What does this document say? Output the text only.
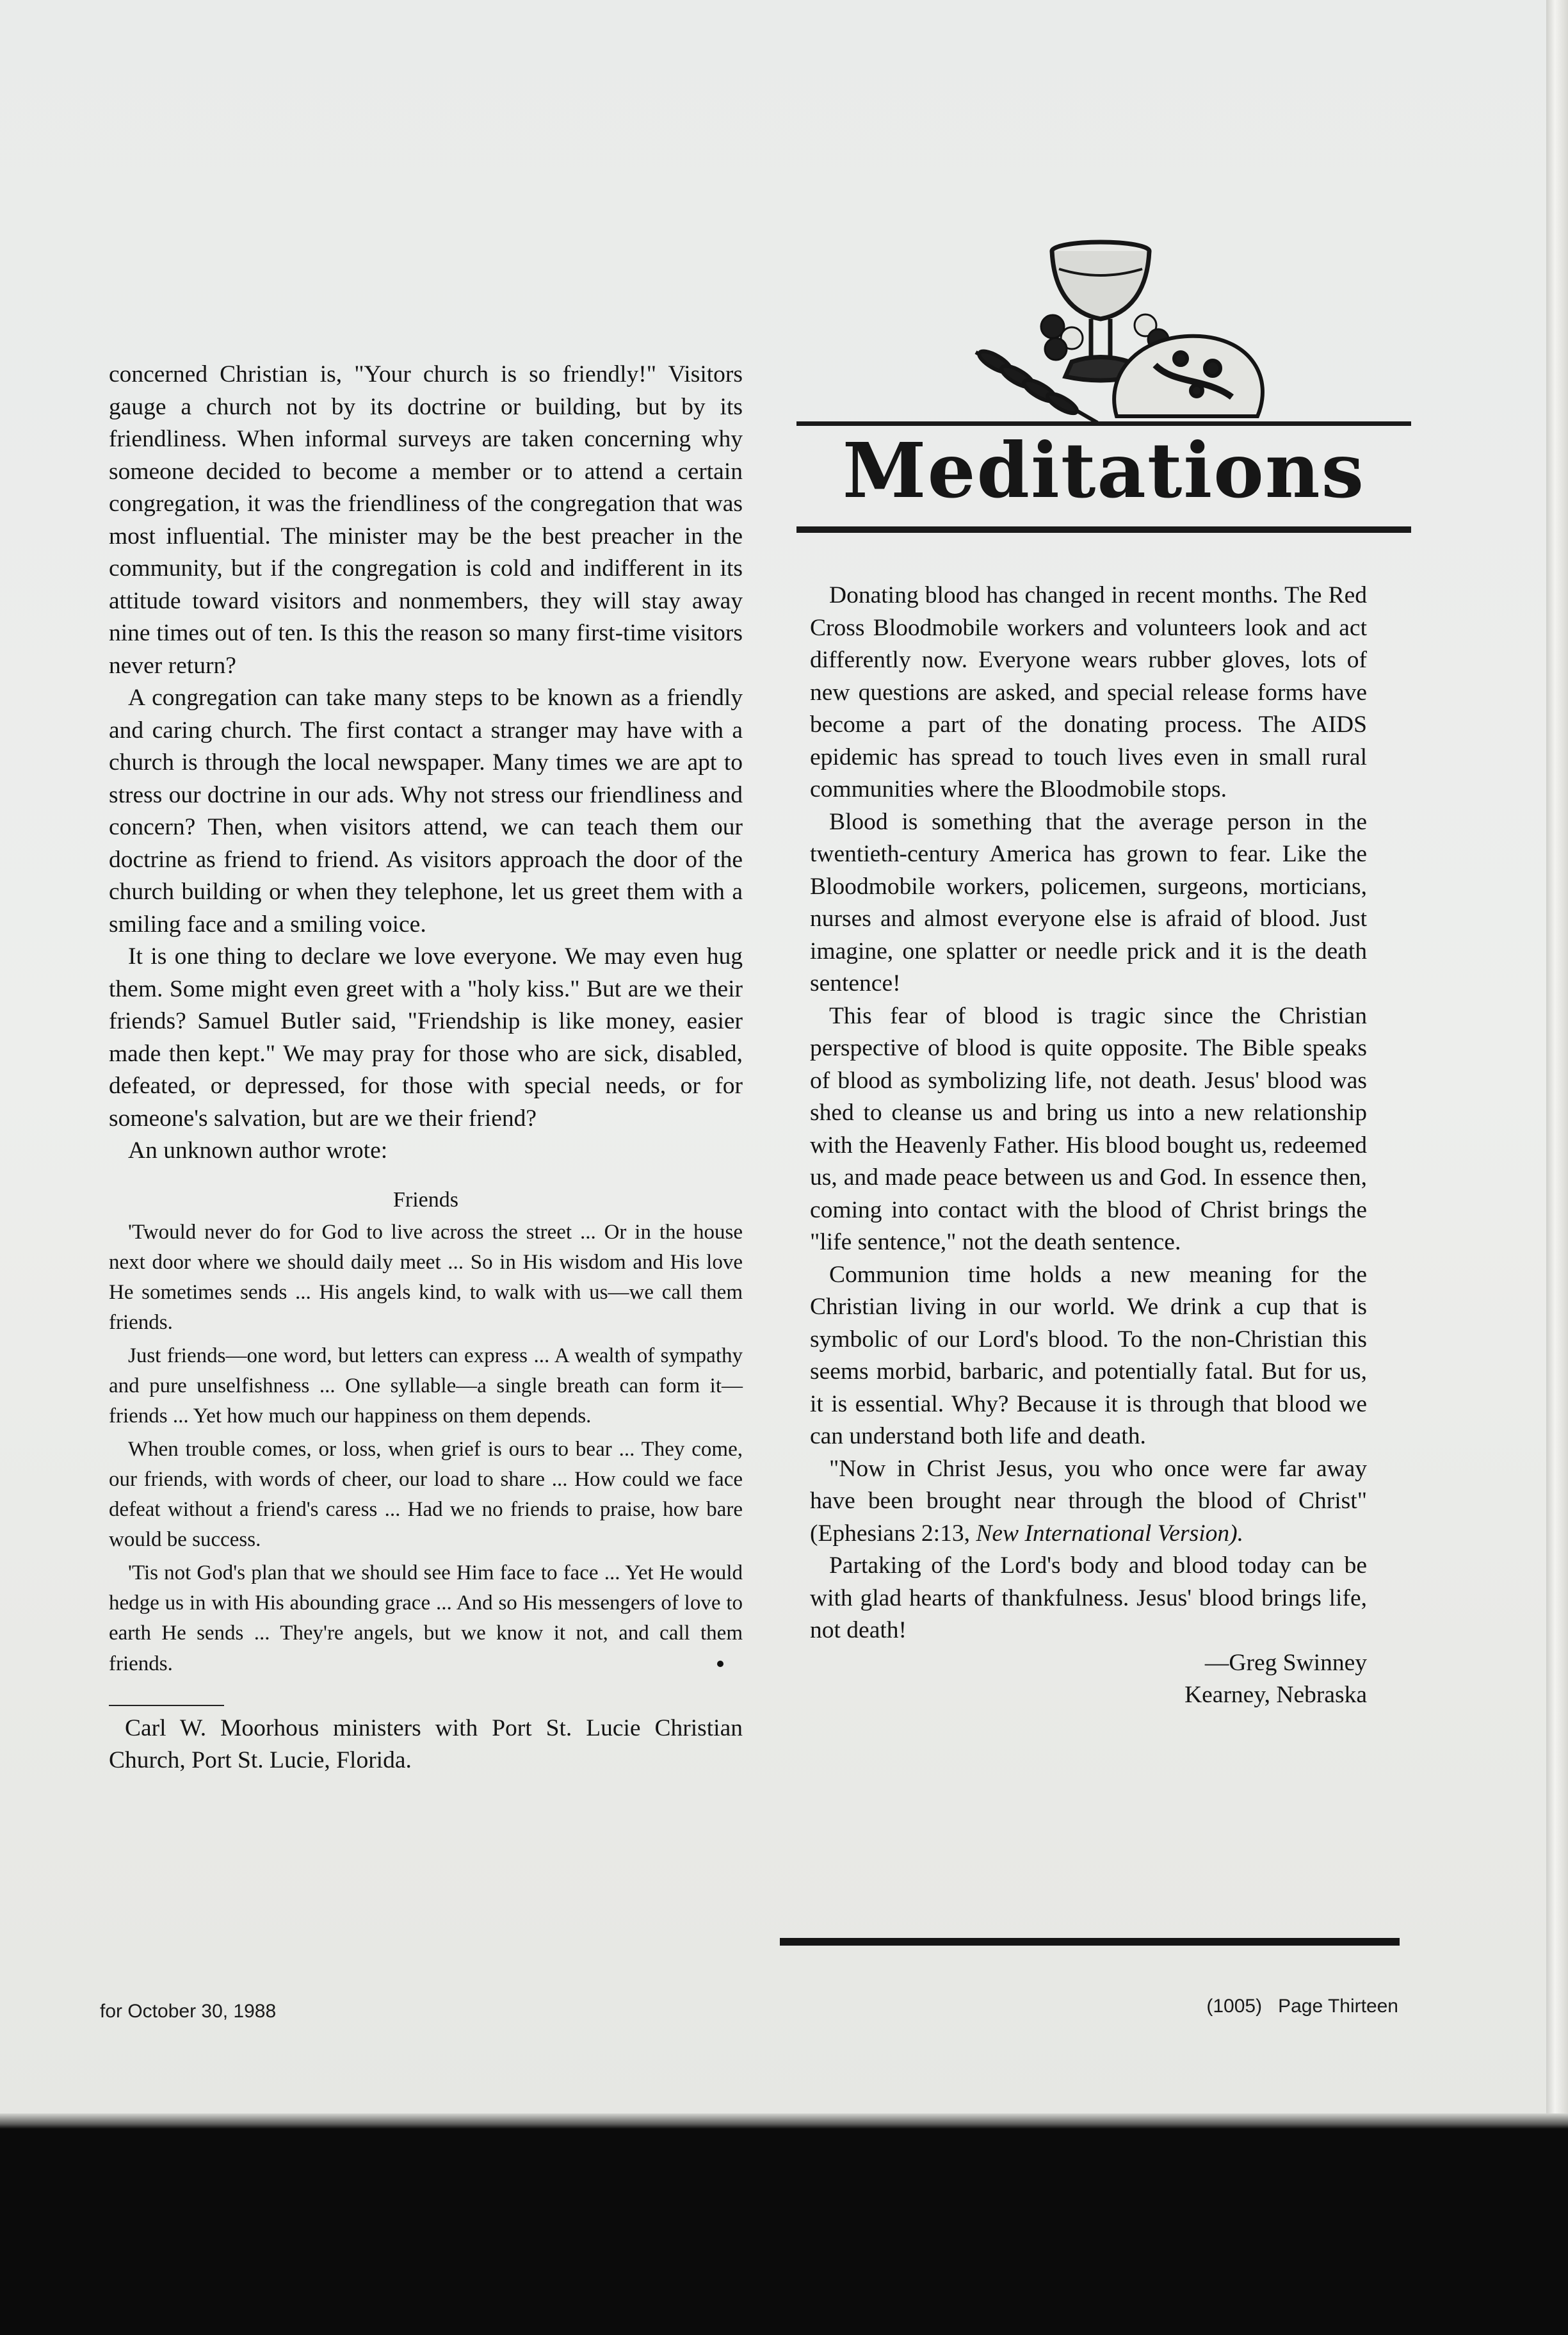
concerned Christian is, "Your church is so friendly!" Visitors gauge a church not by its doctrine or building, but by its friendliness. When informal surveys are taken concerning why someone decided to become a member or to attend a certain congregation, it was the friendliness of the congregation that was most influential. The minister may be the best preacher in the community, but if the congregation is cold and indifferent in its attitude toward visitors and nonmembers, they will stay away nine times out of ten. Is this the reason so many first-time visitors never return?

A congregation can take many steps to be known as a friendly and caring church. The first contact a stranger may have with a church is through the local newspaper. Many times we are apt to stress our doctrine in our ads. Why not stress our friendliness and concern? Then, when visitors attend, we can teach them our doctrine as friend to friend. As visitors approach the door of the church building or when they telephone, let us greet them with a smiling face and a smiling voice.

It is one thing to declare we love everyone. We may even hug them. Some might even greet with a "holy kiss." But are we their friends? Samuel Butler said, "Friendship is like money, easier made then kept." We may pray for those who are sick, disabled, defeated, or depressed, for those with special needs, or for someone's salvation, but are we their friend?

An unknown author wrote:

Friends

'Twould never do for God to live across the street ... Or in the house next door where we should daily meet ... So in His wisdom and His love He sometimes sends ... His angels kind, to walk with us—we call them friends.

Just friends—one word, but letters can express ... A wealth of sympathy and pure unselfishness ... One syllable—a single breath can form it—friends ... Yet how much our happiness on them depends.

When trouble comes, or loss, when grief is ours to bear ... They come, our friends, with words of cheer, our load to share ... How could we face defeat without a friend's caress ... Had we no friends to praise, how bare would be success.

'Tis not God's plan that we should see Him face to face ... Yet He would hedge us in with His abounding grace ... And so His messengers of love to earth He sends ... They're angels, but we know it not, and call them friends.

Carl W. Moorhous ministers with Port St. Lucie Christian Church, Port St. Lucie, Florida.

Meditations

Donating blood has changed in recent months. The Red Cross Bloodmobile workers and volunteers look and act differently now. Everyone wears rubber gloves, lots of new questions are asked, and special release forms have become a part of the donating process. The AIDS epidemic has spread to touch lives even in small rural communities where the Bloodmobile stops.

Blood is something that the average person in the twentieth-century America has grown to fear. Like the Bloodmobile workers, policemen, surgeons, morticians, nurses and almost everyone else is afraid of blood. Just imagine, one splatter or needle prick and it is the death sentence!

This fear of blood is tragic since the Christian perspective of blood is quite opposite. The Bible speaks of blood as symbolizing life, not death. Jesus' blood was shed to cleanse us and bring us into a new relationship with the Heavenly Father. His blood bought us, redeemed us, and made peace between us and God. In essence then, coming into contact with the blood of Christ brings the "life sentence," not the death sentence.

Communion time holds a new meaning for the Christian living in our world. We drink a cup that is symbolic of our Lord's blood. To the non-Christian this seems morbid, barbaric, and potentially fatal. But for us, it is essential. Why? Because it is through that blood we can understand both life and death.

"Now in Christ Jesus, you who once were far away have been brought near through the blood of Christ" (Ephesians 2:13, New International Version).

Partaking of the Lord's body and blood today can be with glad hearts of thankfulness. Jesus' blood brings life, not death!

—Greg Swinney

Kearney, Nebraska

for October 30, 1988	(1005)   Page Thirteen
